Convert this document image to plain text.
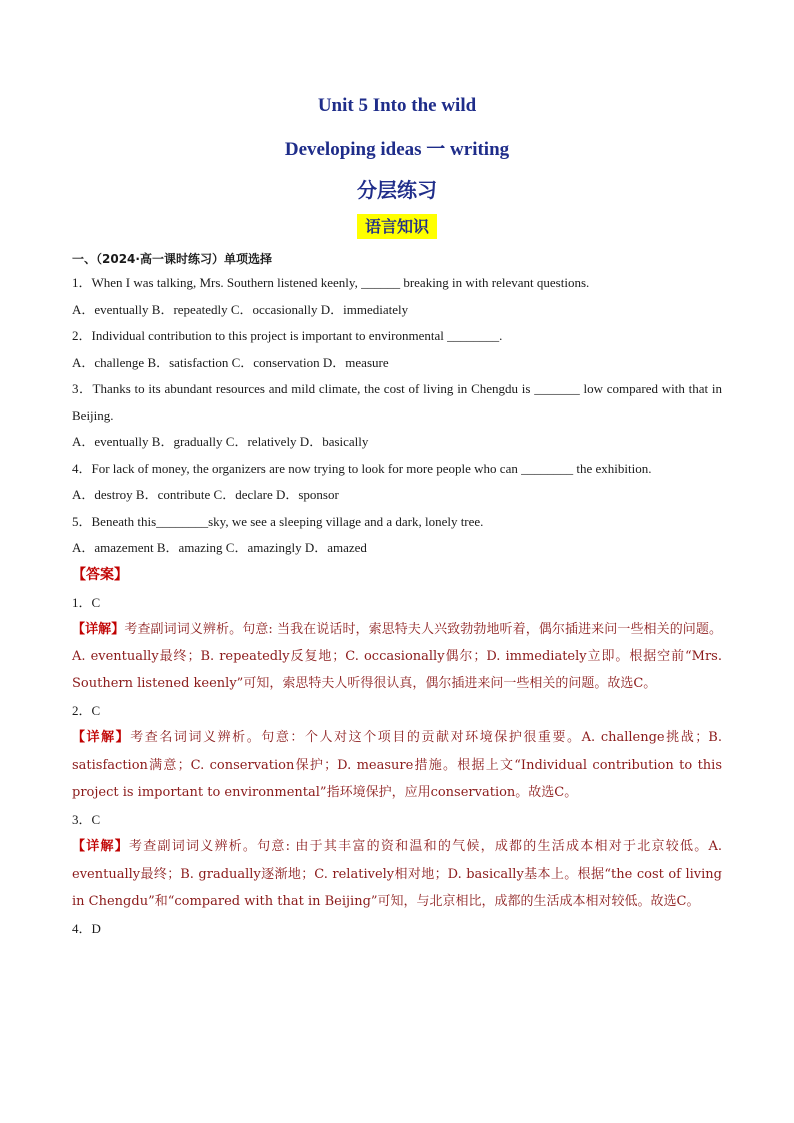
Unit 5 Into the wild
Developing ideas 一 writing
分层练习
语言知识

一、（2024·高一课时练习）单项选择

1．When I was talking, Mrs. Southern listened keenly, ______ breaking in with relevant questions.

A．eventually B．repeatedly C．occasionally D．immediately

2．Individual contribution to this project is important to environmental ________.

A．challenge B．satisfaction C．conservation D．measure

3．Thanks to its abundant resources and mild climate, the cost of living in Chengdu is _______ low compared with that in Beijing.

A．eventually B．gradually C．relatively D．basically

4．For lack of money, the organizers are now trying to look for more people who can ________ the exhibition.

A．destroy B．contribute C．declare D．sponsor

5．Beneath this________sky, we see a sleeping village and a dark, lonely tree.

A．amazement B．amazing C．amazingly D．amazed

【答案】

1．C

【详解】考查副词词义辨析。句意: 当我在说话时，索思特夫人兴致勃勃地听着，偶尔插进来问一些相关的问题。A. eventually最终；B. repeatedly反复地；C. occasionally偶尔；D. immediately立即。根据空前“Mrs. Southern listened keenly”可知，索思特夫人听得很认真，偶尔插进来问一些相关的问题。故选C。

2．C

【详解】考查名词词义辨析。句意：个人对这个项目的贡献对环境保护很重要。A. challenge挑战；B. satisfaction满意；C. conservation保护；D. measure措施。根据上文“Individual contribution to this project is important to environmental”指环境保护，应用conservation。故选C。

3．C

【详解】考查副词词义辨析。句意: 由于其丰富的资和温和的气候，成都的生活成本相对于北京较低。A. eventually最终；B. gradually逐渐地；C. relatively相对地；D. basically基本上。根据“the cost of living in Chengdu”和“compared with that in Beijing”可知，与北京相比，成都的生活成本相对较低。故选C。

4．D
